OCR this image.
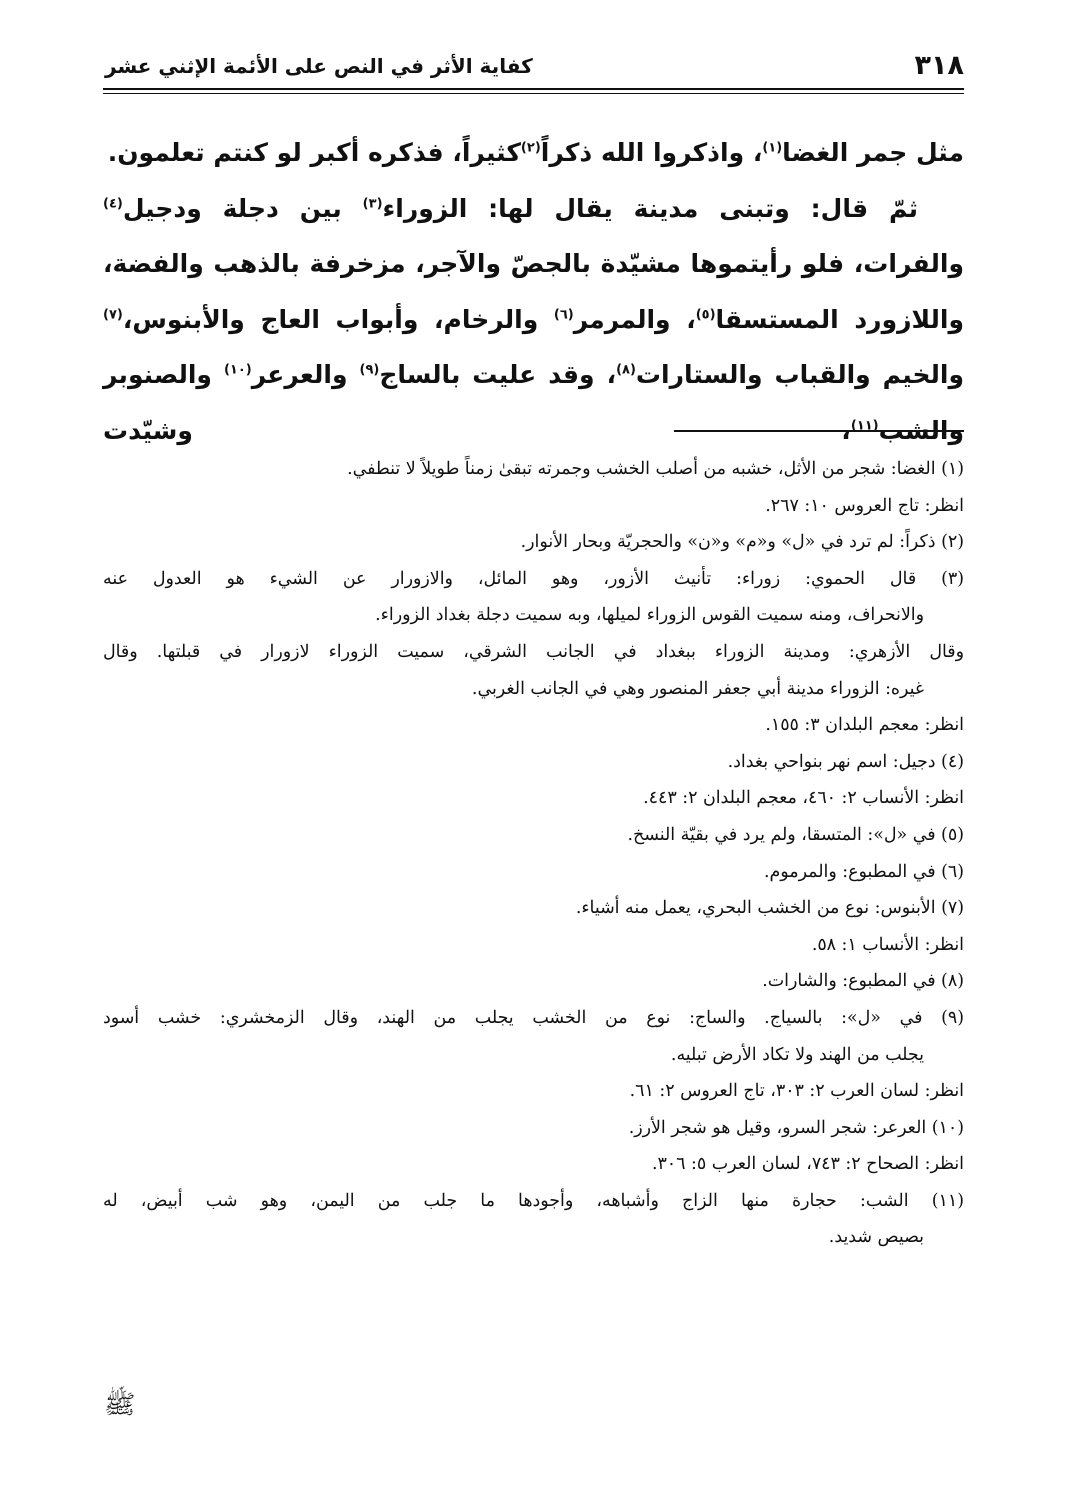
٣١٨
كفاية الأثر في النص على الأئمة الإثني عشر

مثل جمر الغضا$^{(١)}$، واذكروا الله ذكراً$^{(٢)}$كثيراً، فذكره أكبر لو كنتم تعلمون.

ثمّ قال: وتبنى مدينة يقال لها: الزوراء$^{(٣)}$ بين دجلة ودجيل$^{(٤)}$ والفرات، فلو رأيتموها مشيّدة بالجصّ والآجر، مزخرفة بالذهب والفضة، واللازورد المستسقا$^{(٥)}$، والمرمر$^{(٦)}$ والرخام، وأبواب العاج والأبنوس،$^{(٧)}$ والخيم والقباب والستارات$^{(٨)}$، وقد عليت بالساج$^{(٩)}$ والعرعر$^{(١٠)}$ والصنوبر والشب$^{(١١)}$، وشيّدت

(١) الغضا: شجر من الأثل، خشبه من أصلب الخشب وجمرته تبقىٰ زمناً طويلاً لا تنطفي.
انظر: تاج العروس ١٠: ٢٦٧.
(٢) ذكراً: لم ترد في «ل» و«م» و«ن» والحجريّة وبحار الأنوار.
(٣) قال الحموي: زوراء: تأنيث الأزور، وهو المائل، والازورار عن الشيء هو العدول عنه
والانحراف، ومنه سميت القوس الزوراء لميلها، وبه سميت دجلة بغداد الزوراء.
وقال الأزهري: ومدينة الزوراء ببغداد في الجانب الشرقي، سميت الزوراء لازورار في قبلتها. وقال
غيره: الزوراء مدينة أبي جعفر المنصور وهي في الجانب الغربي.
انظر: معجم البلدان ٣: ١٥٥.
(٤) دجيل: اسم نهر بنواحي بغداد.
انظر: الأنساب ٢: ٤٦٠، معجم البلدان ٢: ٤٤٣.
(٥) في «ل»: المتسقا، ولم يرد في بقيّة النسخ.
(٦) في المطبوع: والمرموم.
(٧) الأبنوس: نوع من الخشب البحري، يعمل منه أشياء.
انظر: الأنساب ١: ٥٨.
(٨) في المطبوع: والشارات.
(٩) في «ل»: بالسياج. والساج: نوع من الخشب يجلب من الهند، وقال الزمخشري: خشب أسود
يجلب من الهند ولا تكاد الأرض تبليه.
انظر: لسان العرب ٢: ٣٠٣، تاج العروس ٢: ٦١.
(١٠) العرعر: شجر السرو، وقيل هو شجر الأرز.
انظر: الصحاح ٢: ٧٤٣، لسان العرب ٥: ٣٠٦.
(١١) الشب: حجارة منها الزاج وأشباهه، وأجودها ما جلب من اليمن، وهو شب أبيض، له
بصيص شديد.
ﷺ
